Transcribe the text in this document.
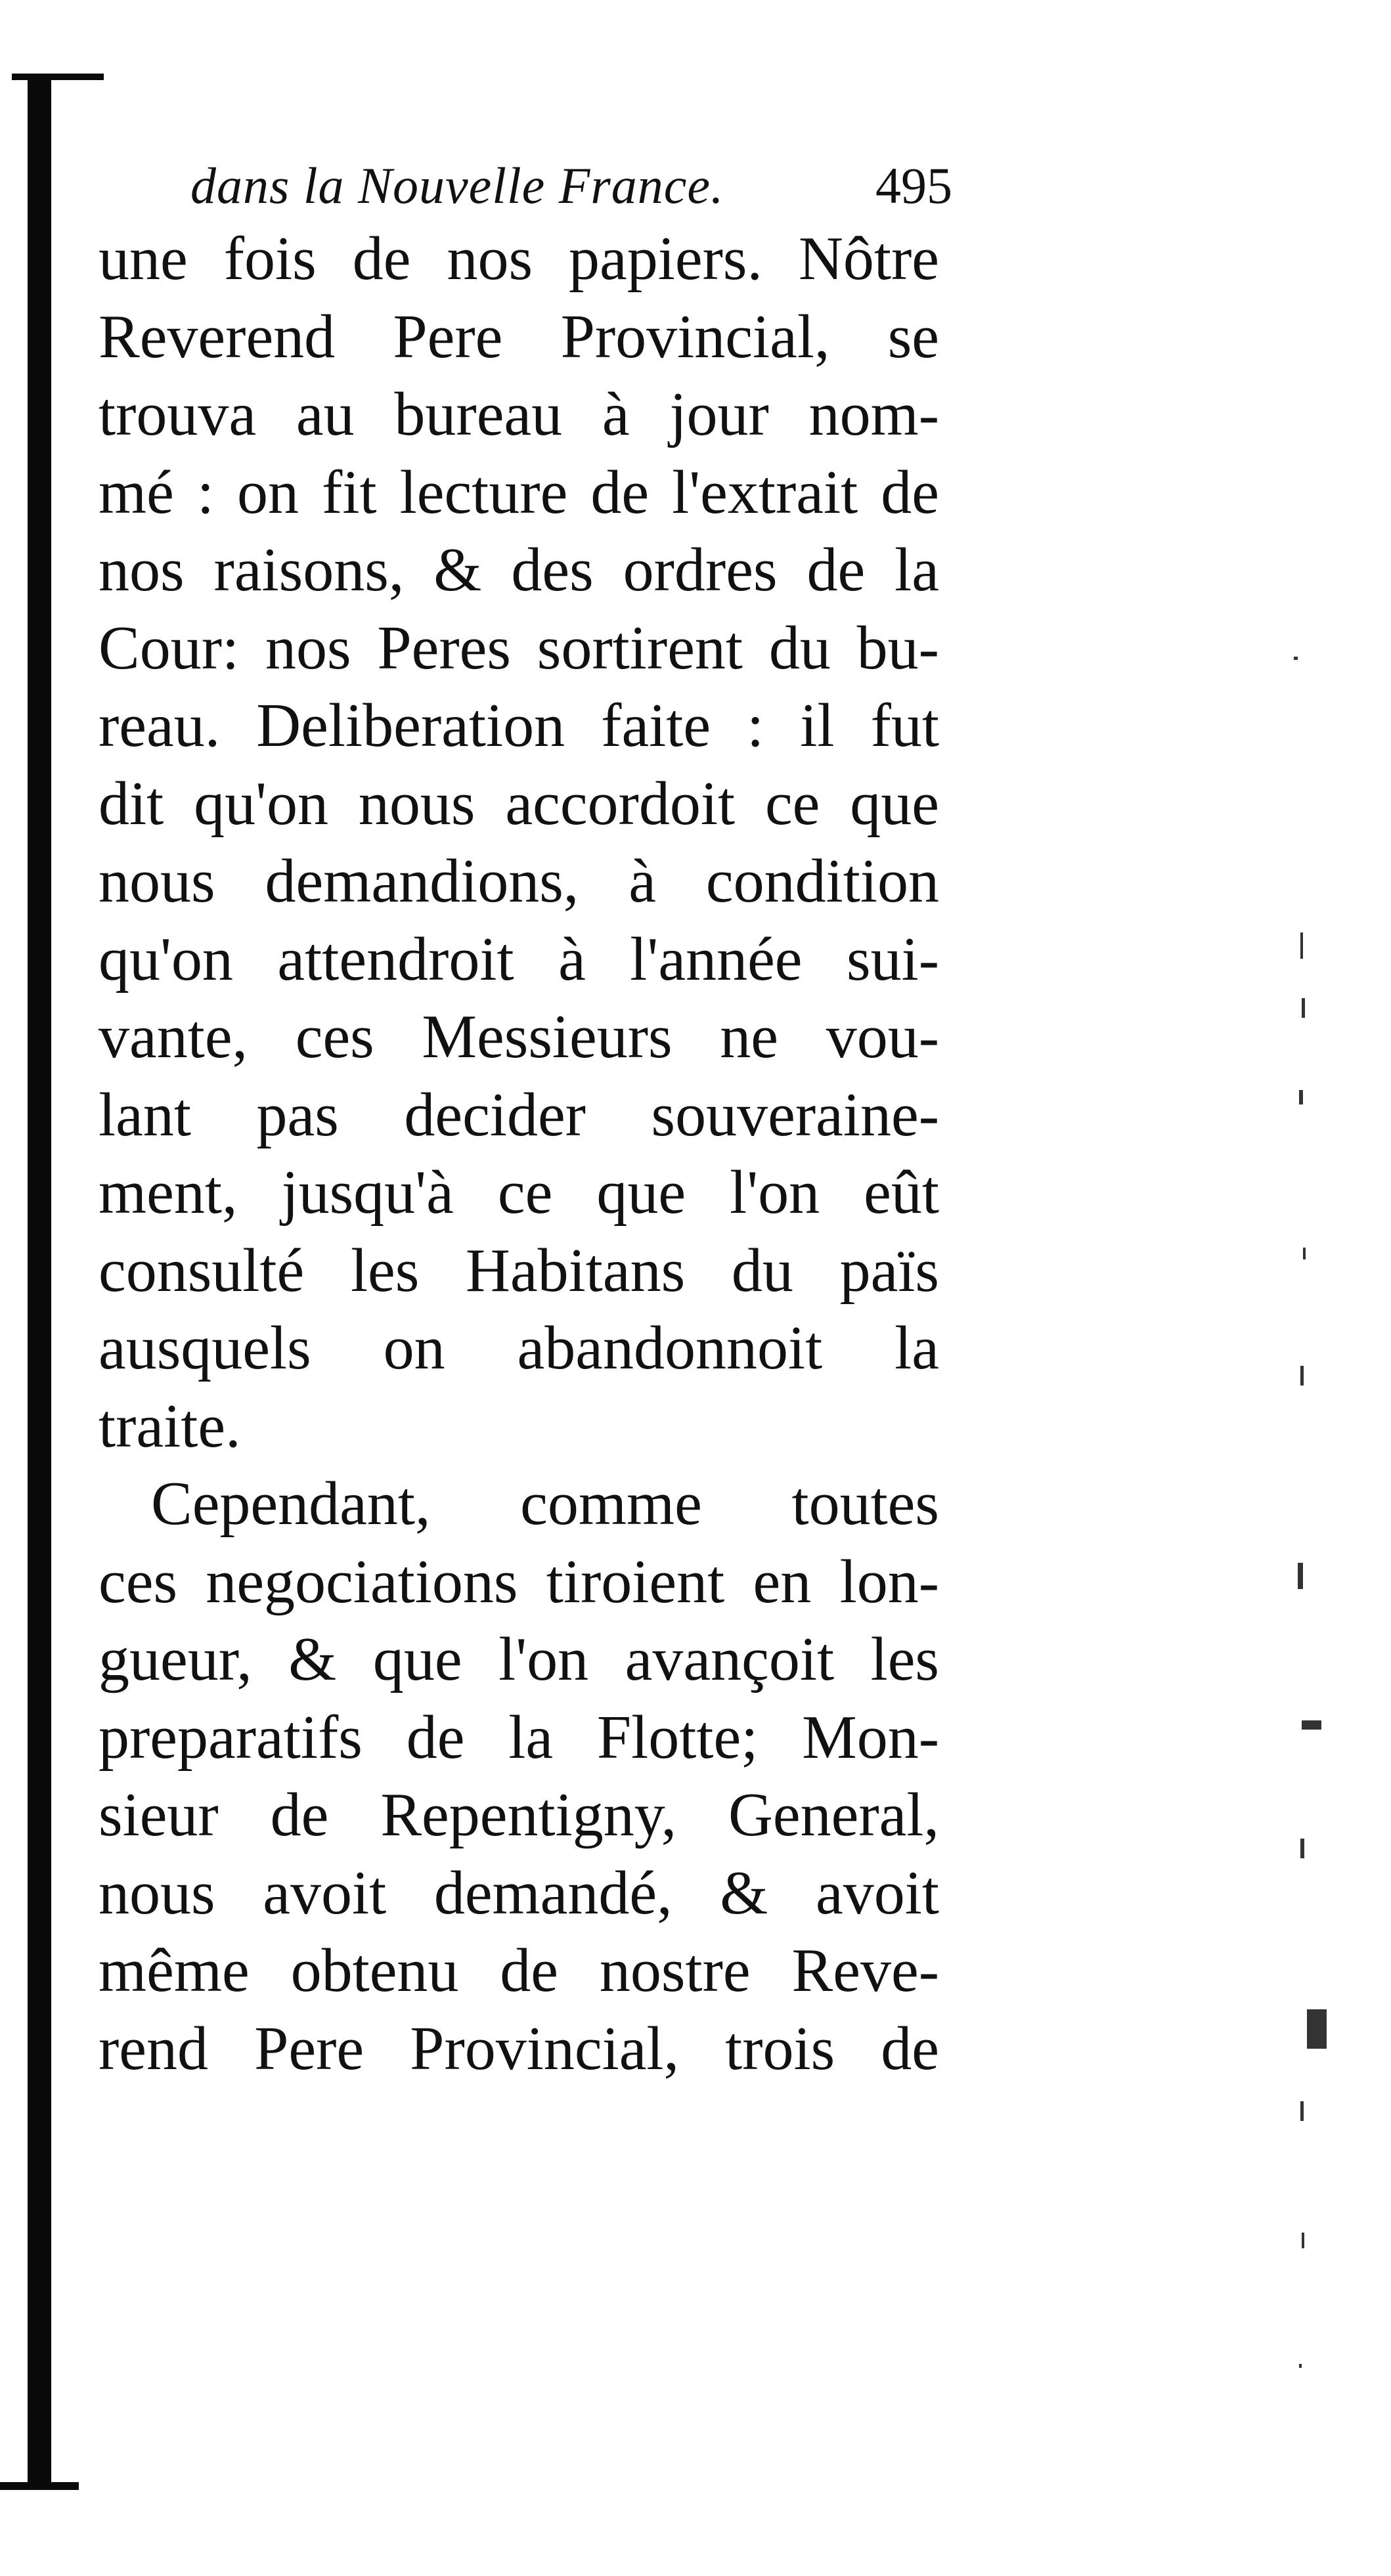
dans la Nouvelle France.	495
une fois de nos papiers. Nôtre
Reverend Pere Provincial, se
trouva au bureau à jour nom-
mé : on fit lecture de l'extrait de
nos raisons, & des ordres de la
Cour: nos Peres sortirent du bu-
reau. Deliberation faite : il fut
dit qu'on nous accordoit ce que
nous demandions, à condition
qu'on attendroit à l'année sui-
vante, ces Messieurs ne vou-
lant pas decider souveraine-
ment, jusqu'à ce que l'on eût
consulté les Habitans du païs
ausquels on abandonnoit la
traite.
Cependant, comme toutes
ces negociations tiroient en lon-
gueur, & que l'on avançoit les
preparatifs de la Flotte; Mon-
sieur de Repentigny, General,
nous avoit demandé, & avoit
même obtenu de nostre Reve-
rend Pere Provincial, trois de
